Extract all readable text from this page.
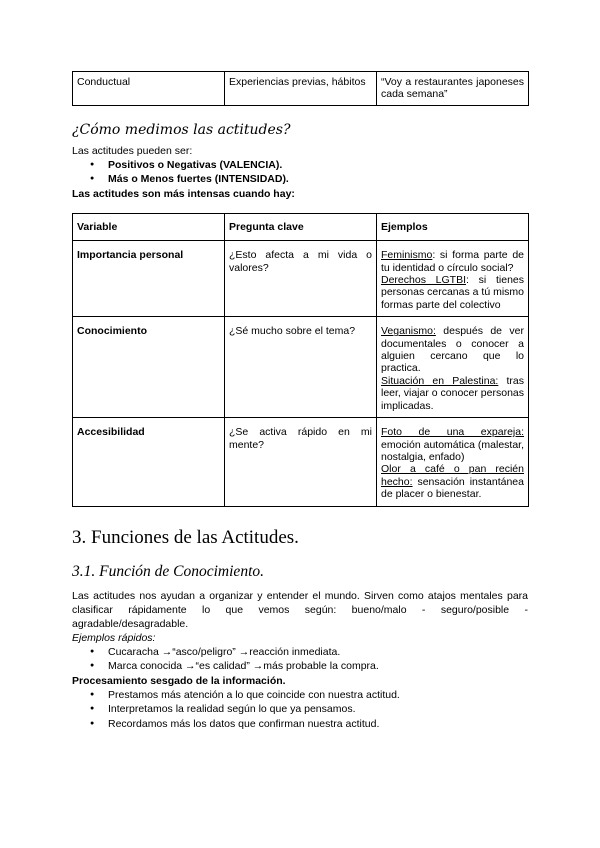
Conductual	Experiencias previas, hábitos	“Voy a restaurantes japoneses cada semana”
¿Cómo medimos las actitudes?

Las actitudes pueden ser:

● Positivos o Negativas (VALENCIA).
● Más o Menos fuertes (INTENSIDAD).

Las actitudes son más intensas cuando hay:

Variable	Pregunta clave	Ejemplos
Importancia personal	¿Esto afecta a mi vida o valores?	Feminismo: si forma parte de tu identidad o círculo social?
Derechos LGTBI: si tienes personas cercanas a tú mismo formas parte del colectivo
Conocimiento	¿Sé mucho sobre el tema?	Veganismo: después de ver documentales o conocer a alguien cercano que lo practica.
Situación en Palestina: tras leer, viajar o conocer personas implicadas.
Accesibilidad	¿Se activa rápido en mi mente?	Foto de una expareja: emoción automática (malestar, nostalgia, enfado)
Olor a café o pan recién hecho: sensación instantánea de placer o bienestar.
3. Funciones de las Actitudes.
3.1. Función de Conocimiento.

Las actitudes nos ayudan a organizar y entender el mundo. Sirven como atajos mentales para clasificar rápidamente lo que vemos según: bueno/malo - seguro/posible - agradable/desagradable.

Ejemplos rápidos:

● Cucaracha →“asco/peligro” →reacción inmediata.
● Marca conocida →“es calidad” →más probable la compra.

Procesamiento sesgado de la información.

● Prestamos más atención a lo que coincide con nuestra actitud.
● Interpretamos la realidad según lo que ya pensamos.
● Recordamos más los datos que confirman nuestra actitud.
